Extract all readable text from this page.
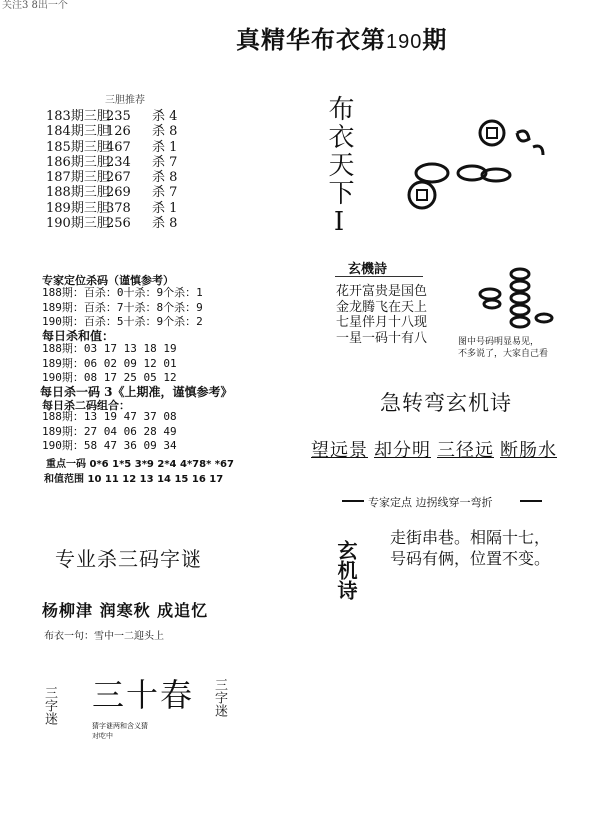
关注3 8出一个
真精华布衣第190期
三胆推荐
183期三胆235 杀 4
184期三胆126 杀 8
185期三胆467 杀 1
186期三胆234 杀 7
187期三胆267 杀 8
188期三胆269 杀 7
189期三胆378 杀 1
190期三胆256 杀 8
专家定位杀码（谨慎参考）
188期：百杀：0十杀：9个杀：1
189期：百杀：7十杀：8个杀：9
190期：百杀：5十杀：9个杀：2
每日杀和值：
188期：03 17 13 18 19
189期：06 02 09 12 01
190期：08 17 25 05 12
每日杀一码 3《上期准，谨慎参考》
每日杀二码组合：
188期：13 19 47 37 08
189期：27 04 06 28 49
190期：58 47 36 09 34
重点一码 0*6 1*5 3*9 2*4 4*78* *67
和值范围 10 11 12 13 14 15 16 17
布衣天下Ⅰ
玄機詩
花开富贵是国色
金龙腾飞在天上
七星伴月十八现
一星一码十有八	图中号码明显易见，
不多说了，大家自己看
急转弯玄机诗
望远景 却分明 三径远 断肠水
专家定点 边拐线穿一弯折
玄机诗
走街串巷。相隔十七，
号码有俩，位置不变。
专业杀三码字谜
杨柳津 润寒秋 成追忆
布衣一句：雪中一二迎头上
三字迷 三十春 三字迷
猜字谜两和含义猜
对吃中
